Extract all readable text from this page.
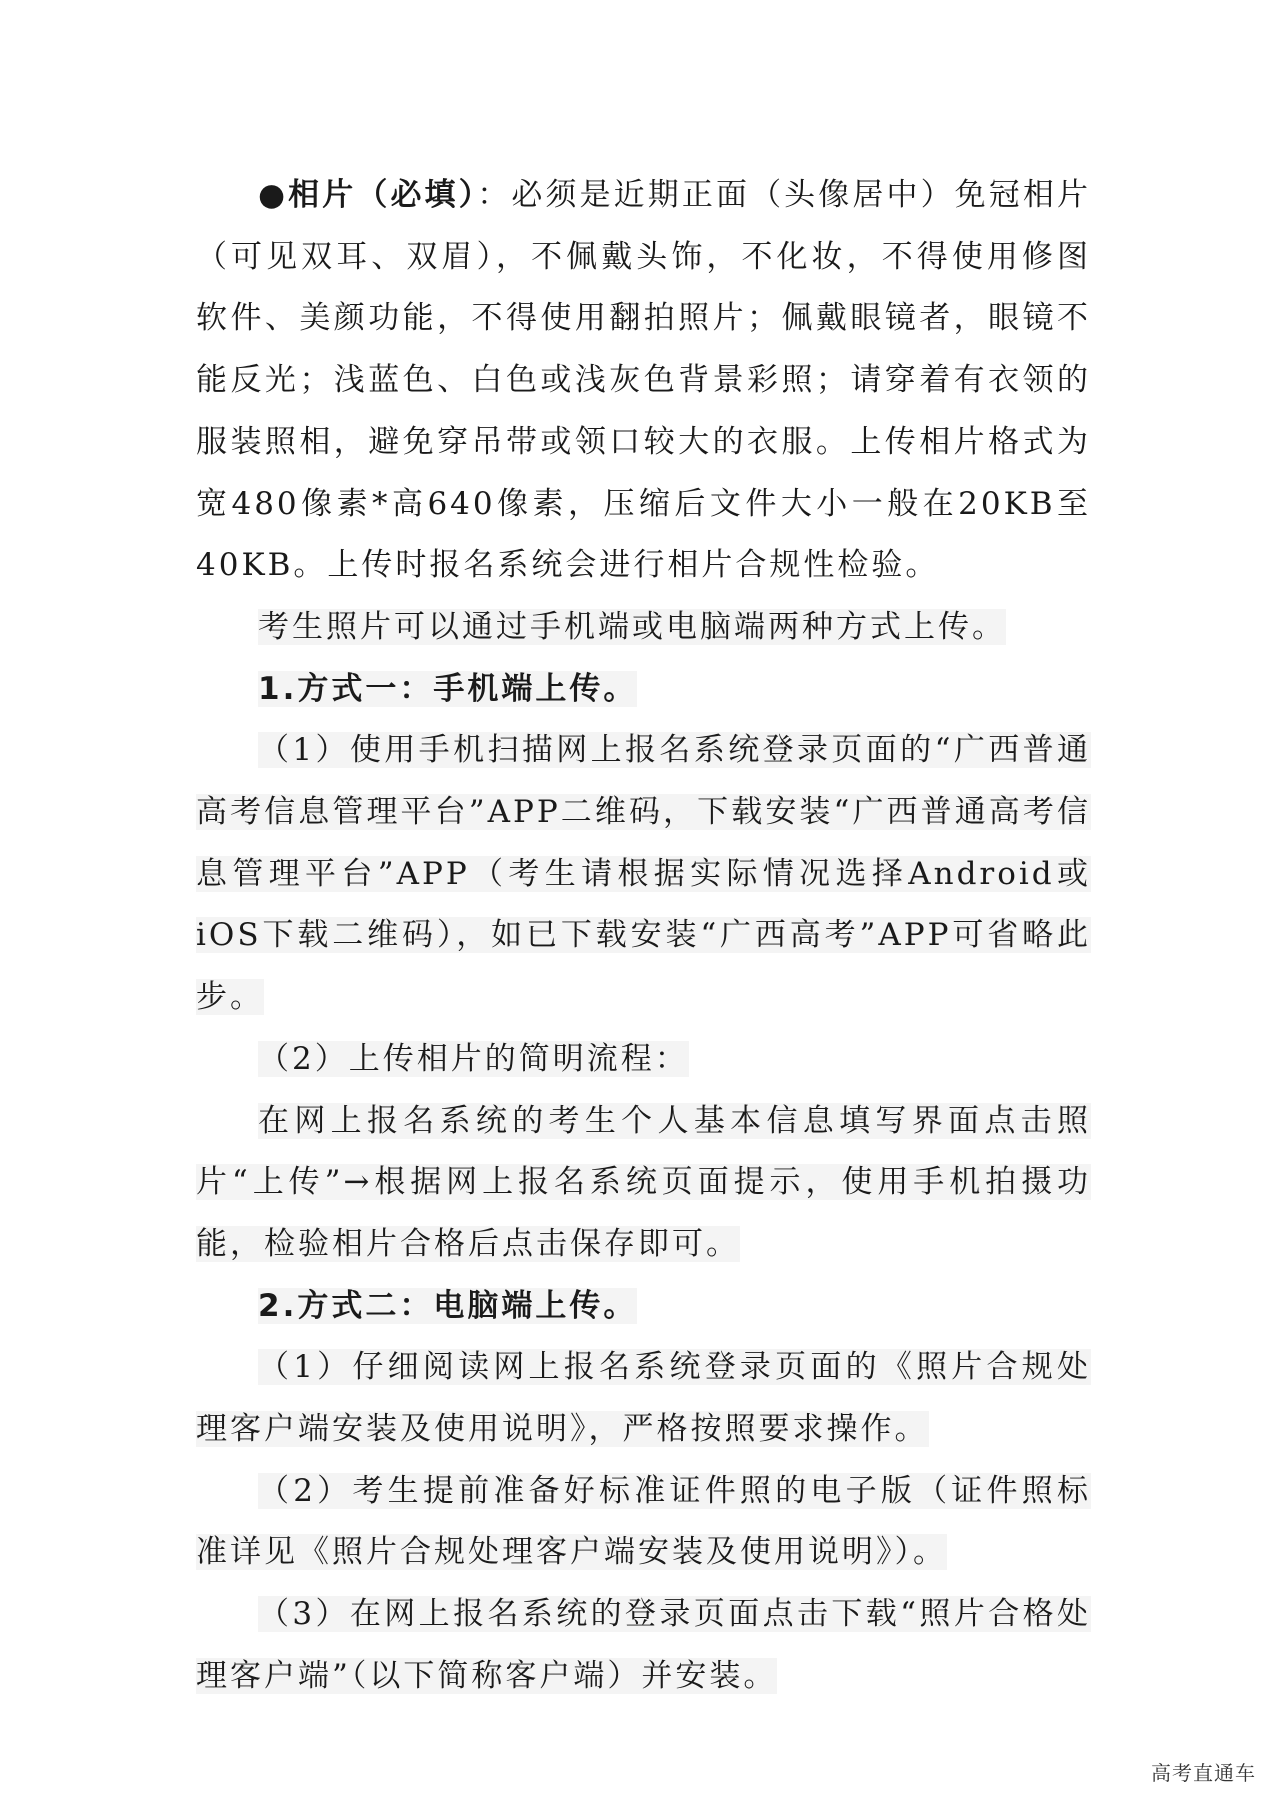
●相片（必填）：必须是近期正面（头像居中）免冠相片（可见双耳、双眉），不佩戴头饰，不化妆，不得使用修图软件、美颜功能，不得使用翻拍照片；佩戴眼镜者，眼镜不能反光；浅蓝色、白色或浅灰色背景彩照；请穿着有衣领的服装照相，避免穿吊带或领口较大的衣服。上传相片格式为宽480像素*高640像素，压缩后文件大小一般在20KB至40KB。上传时报名系统会进行相片合规性检验。

考生照片可以通过手机端或电脑端两种方式上传。

1.方式一：手机端上传。

（1）使用手机扫描网上报名系统登录页面的“广西普通高考信息管理平台”APP二维码，下载安装“广西普通高考信息管理平台”APP（考生请根据实际情况选择Android或iOS下载二维码），如已下载安装“广西高考”APP可省略此步。

（2）上传相片的简明流程：

在网上报名系统的考生个人基本信息填写界面点击照片“上传”→根据网上报名系统页面提示，使用手机拍摄功能，检验相片合格后点击保存即可。

2.方式二：电脑端上传。

（1）仔细阅读网上报名系统登录页面的《照片合规处理客户端安装及使用说明》，严格按照要求操作。

（2）考生提前准备好标准证件照的电子版（证件照标准详见《照片合规处理客户端安装及使用说明》）。

（3）在网上报名系统的登录页面点击下载“照片合格处理客户端”（以下简称客户端）并安装。

高考直通车
